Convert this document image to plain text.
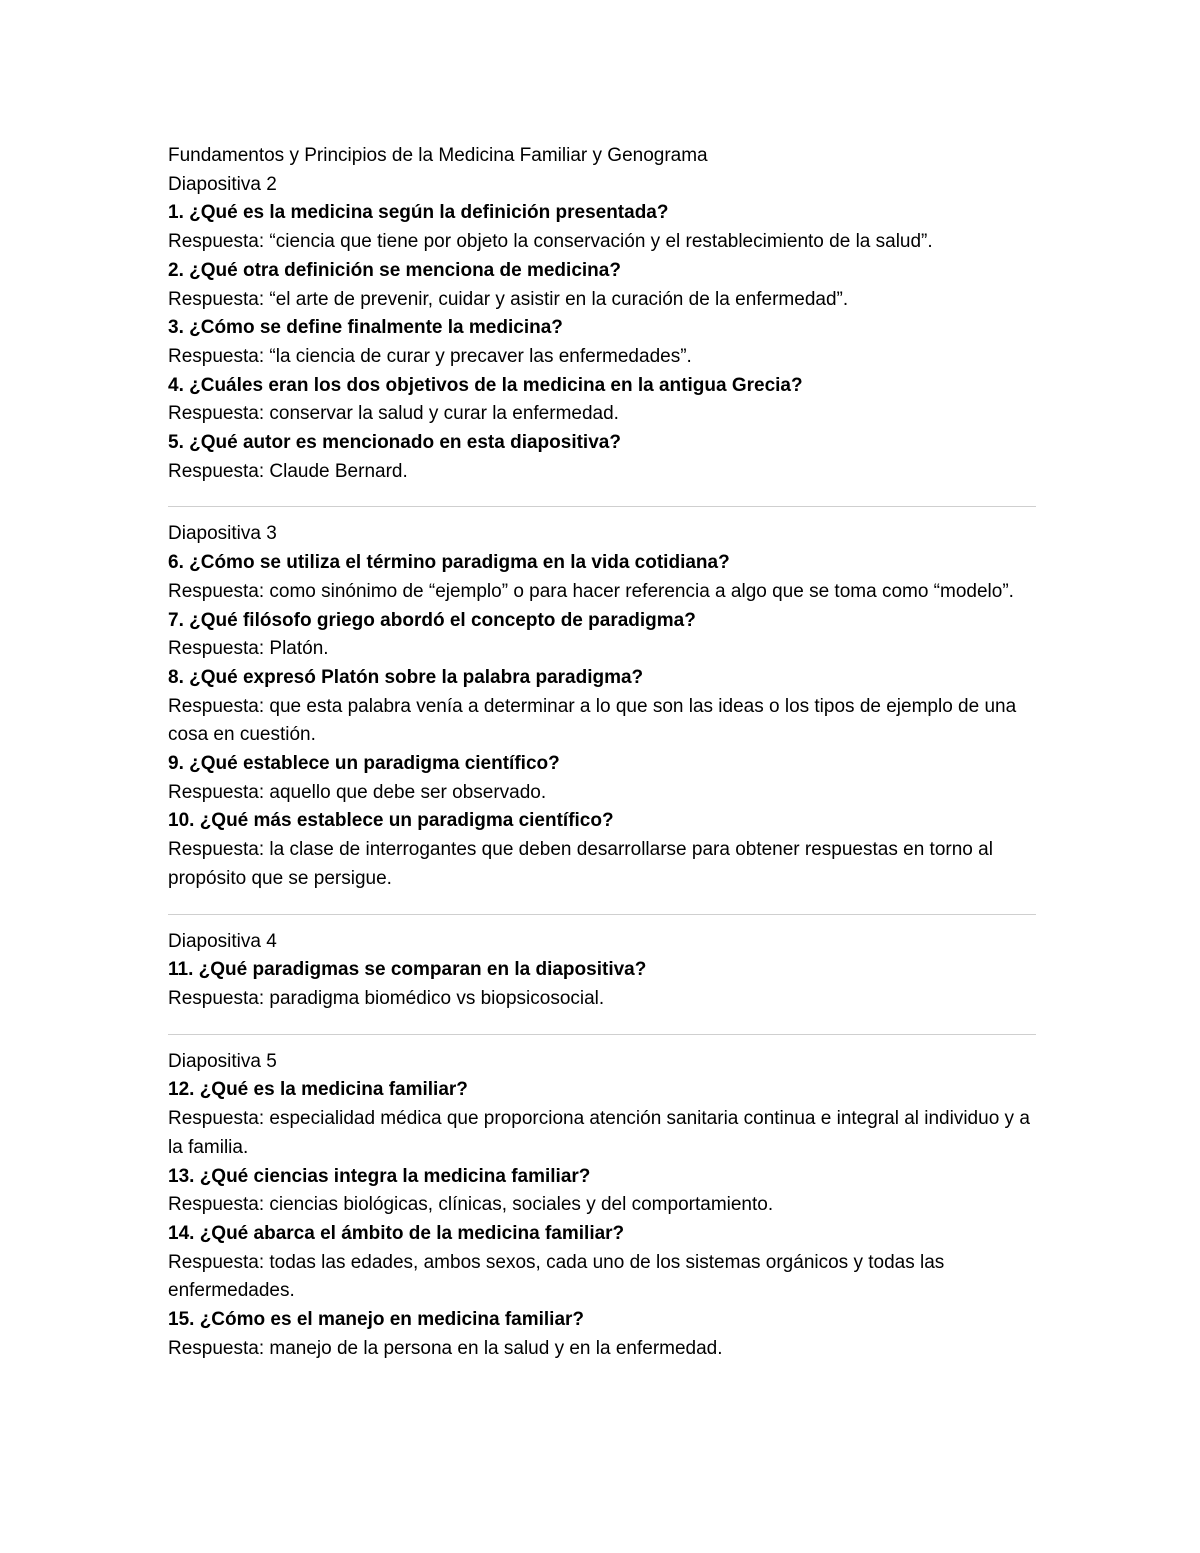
Fundamentos y Principios de la Medicina Familiar y Genograma

Diapositiva 2

1. ¿Qué es la medicina según la definición presentada?

Respuesta: “ciencia que tiene por objeto la conservación y el restablecimiento de la salud”.

2. ¿Qué otra definición se menciona de medicina?

Respuesta: “el arte de prevenir, cuidar y asistir en la curación de la enfermedad”.

3. ¿Cómo se define finalmente la medicina?

Respuesta: “la ciencia de curar y precaver las enfermedades”.

4. ¿Cuáles eran los dos objetivos de la medicina en la antigua Grecia?

Respuesta: conservar la salud y curar la enfermedad.

5. ¿Qué autor es mencionado en esta diapositiva?

Respuesta: Claude Bernard.

Diapositiva 3

6. ¿Cómo se utiliza el término paradigma en la vida cotidiana?

Respuesta: como sinónimo de “ejemplo” o para hacer referencia a algo que se toma como “modelo”.

7. ¿Qué filósofo griego abordó el concepto de paradigma?

Respuesta: Platón.

8. ¿Qué expresó Platón sobre la palabra paradigma?

Respuesta: que esta palabra venía a determinar a lo que son las ideas o los tipos de ejemplo de una cosa en cuestión.

9. ¿Qué establece un paradigma científico?

Respuesta: aquello que debe ser observado.

10. ¿Qué más establece un paradigma científico?

Respuesta: la clase de interrogantes que deben desarrollarse para obtener respuestas en torno al propósito que se persigue.

Diapositiva 4

11. ¿Qué paradigmas se comparan en la diapositiva?

Respuesta: paradigma biomédico vs biopsicosocial.

Diapositiva 5

12. ¿Qué es la medicina familiar?

Respuesta: especialidad médica que proporciona atención sanitaria continua e integral al individuo y a la familia.

13. ¿Qué ciencias integra la medicina familiar?

Respuesta: ciencias biológicas, clínicas, sociales y del comportamiento.

14. ¿Qué abarca el ámbito de la medicina familiar?

Respuesta: todas las edades, ambos sexos, cada uno de los sistemas orgánicos y todas las enfermedades.

15. ¿Cómo es el manejo en medicina familiar?

Respuesta: manejo de la persona en la salud y en la enfermedad.
